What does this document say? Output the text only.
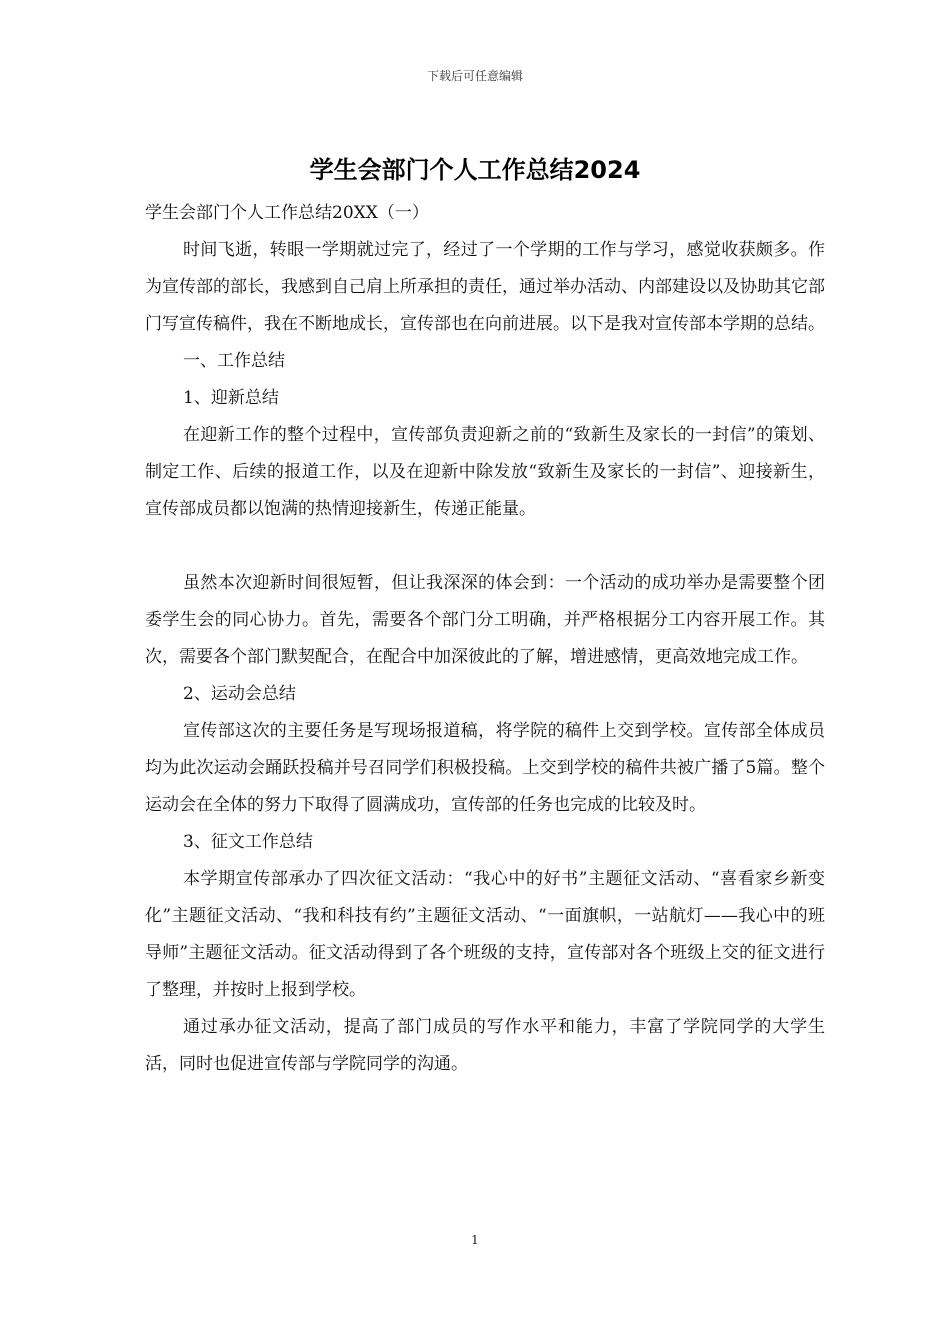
下载后可任意编辑
学生会部门个人工作总结2024

学生会部门个人工作总结20XX（一）

时间飞逝，转眼一学期就过完了，经过了一个学期的工作与学习，感觉收获颇多。作为宣传部的部长，我感到自己肩上所承担的责任，通过举办活动、内部建设以及协助其它部门写宣传稿件，我在不断地成长，宣传部也在向前进展。以下是我对宣传部本学期的总结。

一、工作总结

1、迎新总结

在迎新工作的整个过程中，宣传部负责迎新之前的“致新生及家长的一封信”的策划、制定工作、后续的报道工作，以及在迎新中除发放“致新生及家长的一封信”、迎接新生，宣传部成员都以饱满的热情迎接新生，传递正能量。

虽然本次迎新时间很短暂，但让我深深的体会到：一个活动的成功举办是需要整个团委学生会的同心协力。首先，需要各个部门分工明确，并严格根据分工内容开展工作。其次，需要各个部门默契配合，在配合中加深彼此的了解，增进感情，更高效地完成工作。

2、运动会总结

宣传部这次的主要任务是写现场报道稿，将学院的稿件上交到学校。宣传部全体成员均为此次运动会踊跃投稿并号召同学们积极投稿。上交到学校的稿件共被广播了5篇。整个运动会在全体的努力下取得了圆满成功，宣传部的任务也完成的比较及时。

3、征文工作总结

本学期宣传部承办了四次征文活动：“我心中的好书”主题征文活动、“喜看家乡新变化”主题征文活动、“我和科技有约”主题征文活动、“一面旗帜，一站航灯——我心中的班导师”主题征文活动。征文活动得到了各个班级的支持，宣传部对各个班级上交的征文进行了整理，并按时上报到学校。

通过承办征文活动，提高了部门成员的写作水平和能力，丰富了学院同学的大学生活，同时也促进宣传部与学院同学的沟通。

1
